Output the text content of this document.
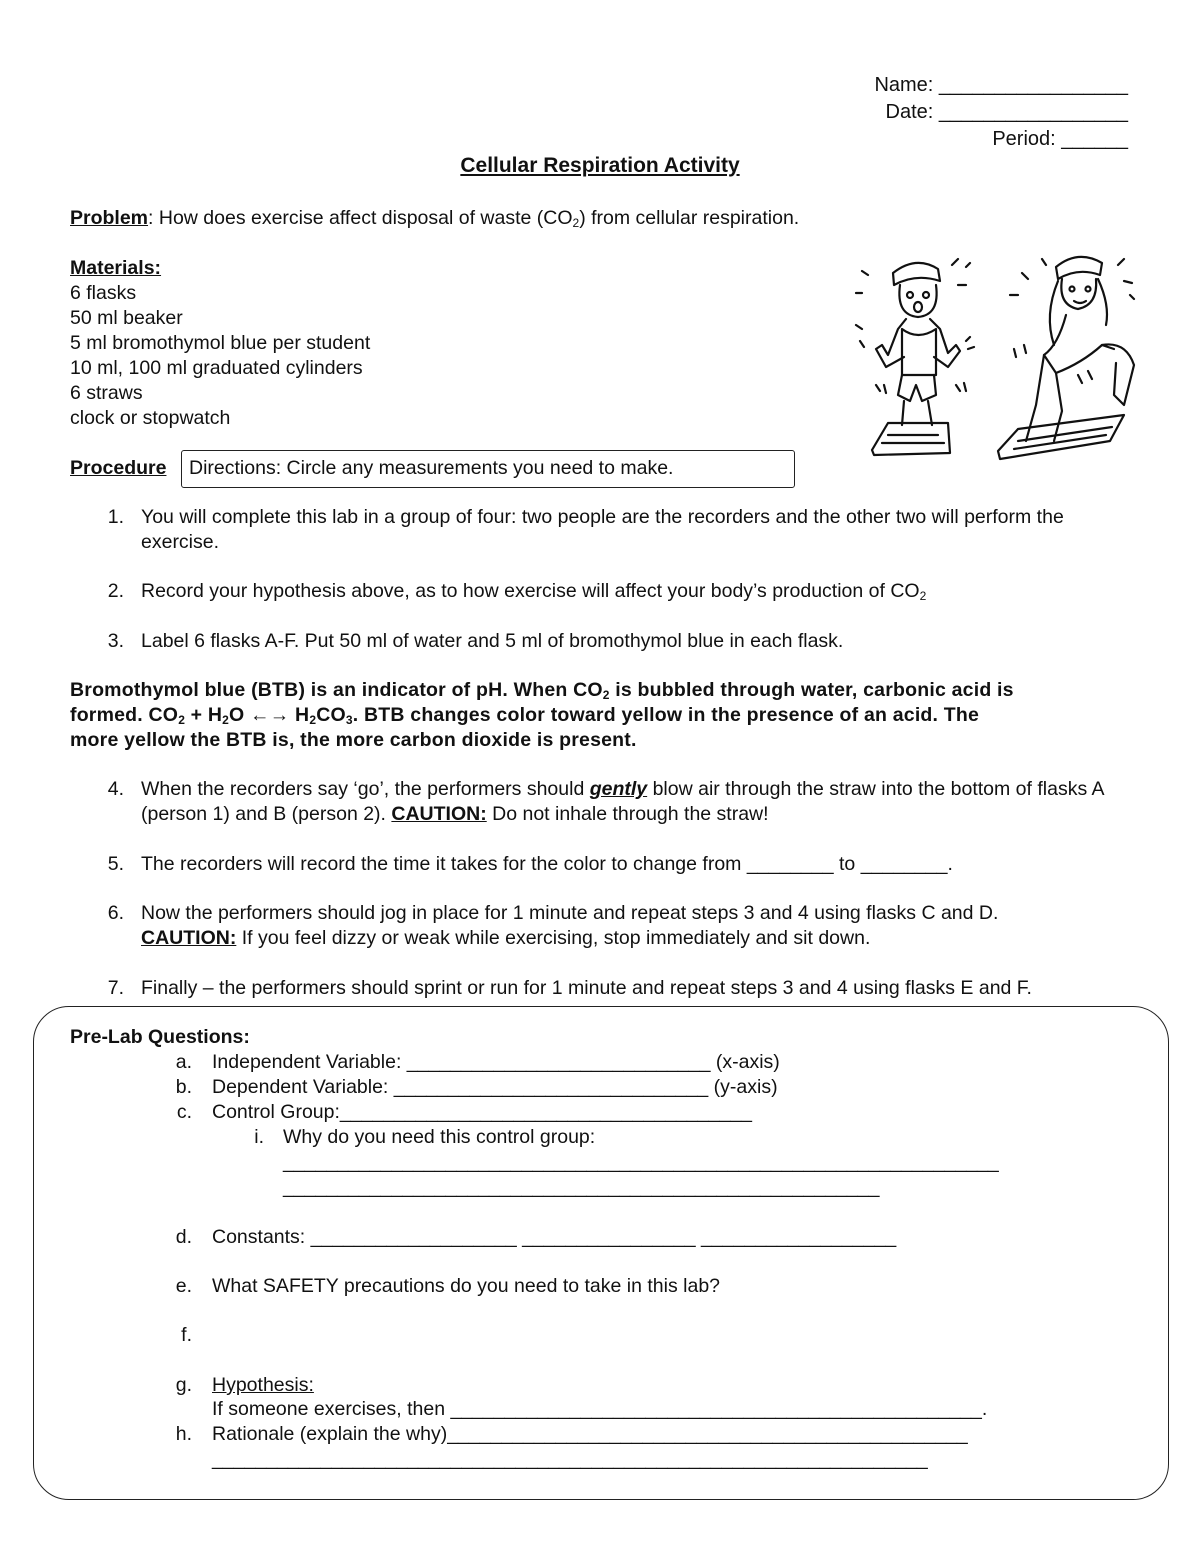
Name: _________________
Date: _________________
Period: ______
Cellular Respiration Activity
Problem: How does exercise affect disposal of waste $(CO_2)$ from cellular respiration.
Materials:
6 flasks
50 ml beaker
5 ml bromothymol blue per student
10 ml, 100 ml graduated cylinders
6 straws
clock or stopwatch
Procedure Directions: Circle any measurements you need to make.
1. You will complete this lab in a group of four: two people are the recorders and the other two will perform the exercise.
2. Record your hypothesis above, as to how exercise will affect your body’s production of $CO_2$
3. Label 6 flasks A-F. Put 50 ml of water and 5 ml of bromothymol blue in each flask.
Bromothymol blue (BTB) is an indicator of pH. When $CO_2$ is bubbled through water, carbonic acid is
formed. $CO_2 + H_2O$ ←→ $H_2CO_3$. BTB changes color toward yellow in the presence of an acid. The
more yellow the BTB is, the more carbon dioxide is present.
4. When the recorders say ‘go’, the performers should gently blow air through the straw into the bottom of flasks A (person 1) and B (person 2). CAUTION: Do not inhale through the straw!
5. The recorders will record the time it takes for the color to change from ________ to ________.
6. Now the performers should jog in place for 1 minute and repeat steps 3 and 4 using flasks C and D.
CAUTION: If you feel dizzy or weak while exercising, stop immediately and sit down.
7. Finally – the performers should sprint or run for 1 minute and repeat steps 3 and 4 using flasks E and F.
Pre-Lab Questions:
a. Independent Variable: ____________________________ (x-axis)
b. Dependent Variable: _____________________________ (y-axis)
c. Control Group:______________________________________
i. Why do you need this control group:
__________________________________________________________________
_______________________________________________________
d. Constants: ___________________ ________________ __________________
e. What SAFETY precautions do you need to take in this lab?
f.
g. Hypothesis:
If someone exercises, then _________________________________________________.
h. Rationale (explain the why)________________________________________________
__________________________________________________________________
